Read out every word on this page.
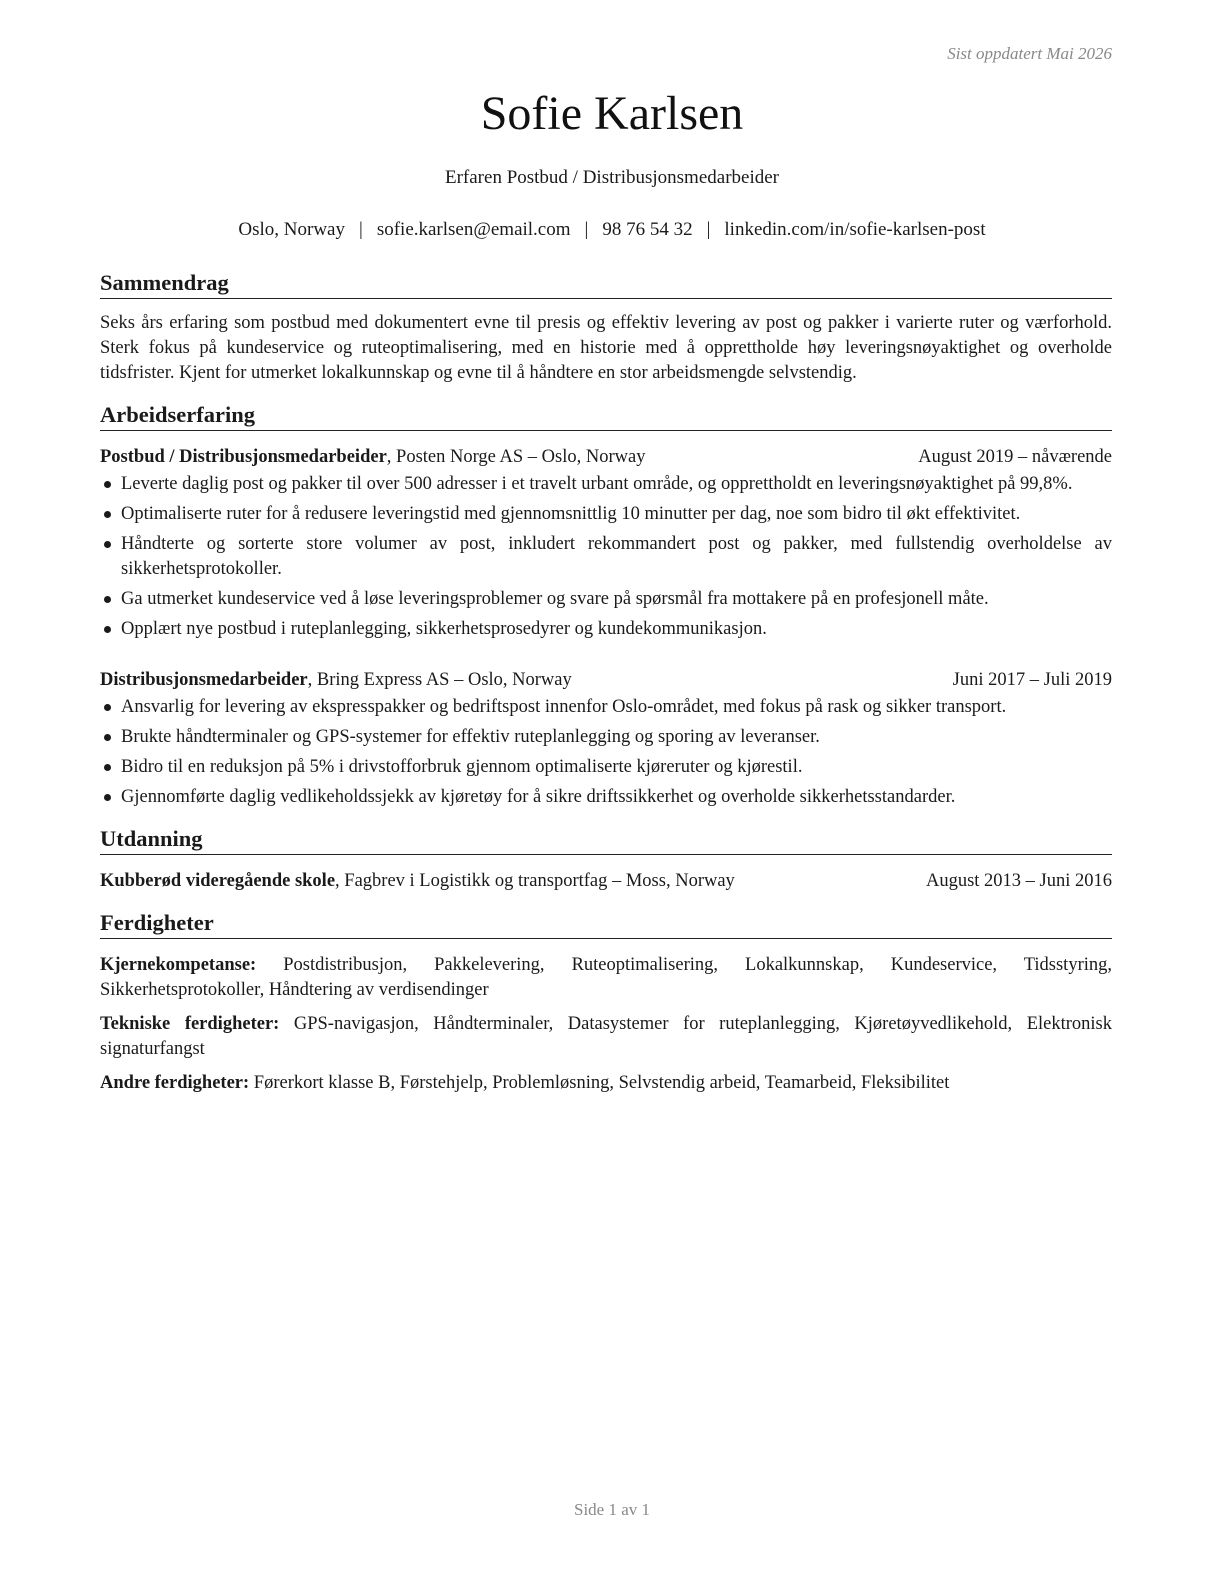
Sist oppdatert Mai 2026
Sofie Karlsen
Erfaren Postbud / Distribusjonsmedarbeider
Oslo, Norway | sofie.karlsen@email.com | 98 76 54 32 | linkedin.com/in/sofie-karlsen-post
Sammendrag

Seks års erfaring som postbud med dokumentert evne til presis og effektiv levering av post og pakker i varierte ruter og værforhold. Sterk fokus på kundeservice og ruteoptimalisering, med en historie med å opprettholde høy leveringsnøyaktighet og overholde tidsfrister. Kjent for utmerket lokalkunnskap og evne til å håndtere en stor arbeidsmengde selvstendig.

Arbeidserfaring
Postbud / Distribusjonsmedarbeider, Posten Norge AS – Oslo, Norway	August 2019 – nåværende
Leverte daglig post og pakker til over 500 adresser i et travelt urbant område, og opprettholdt en leveringsnøyaktighet på 99,8%.
Optimaliserte ruter for å redusere leveringstid med gjennomsnittlig 10 minutter per dag, noe som bidro til økt effektivitet.
Håndterte og sorterte store volumer av post, inkludert rekommandert post og pakker, med fullstendig overholdelse av sikkerhetsprotokoller.
Ga utmerket kundeservice ved å løse leveringsproblemer og svare på spørsmål fra mottakere på en profesjonell måte.
Opplært nye postbud i ruteplanlegging, sikkerhetsprosedyrer og kundekommunikasjon.
Distribusjonsmedarbeider, Bring Express AS – Oslo, Norway	Juni 2017 – Juli 2019
Ansvarlig for levering av ekspresspakker og bedriftspost innenfor Oslo-området, med fokus på rask og sikker transport.
Brukte håndterminaler og GPS-systemer for effektiv ruteplanlegging og sporing av leveranser.
Bidro til en reduksjon på 5% i drivstofforbruk gjennom optimaliserte kjøreruter og kjørestil.
Gjennomførte daglig vedlikeholdssjekk av kjøretøy for å sikre driftssikkerhet og overholde sikkerhetsstandarder.
Utdanning
Kubberød videregående skole, Fagbrev i Logistikk og transportfag – Moss, Norway	August 2013 – Juni 2016
Ferdigheter
Kjernekompetanse: Postdistribusjon, Pakkelevering, Ruteoptimalisering, Lokalkunnskap, Kundeservice, Tidsstyring, Sikkerhetsprotokoller, Håndtering av verdisendinger
Tekniske ferdigheter: GPS-navigasjon, Håndterminaler, Datasystemer for ruteplanlegging, Kjøretøyvedlikehold, Elektronisk signaturfangst
Andre ferdigheter: Førerkort klasse B, Førstehjelp, Problemløsning, Selvstendig arbeid, Teamarbeid, Fleksibilitet
Side 1 av 1
